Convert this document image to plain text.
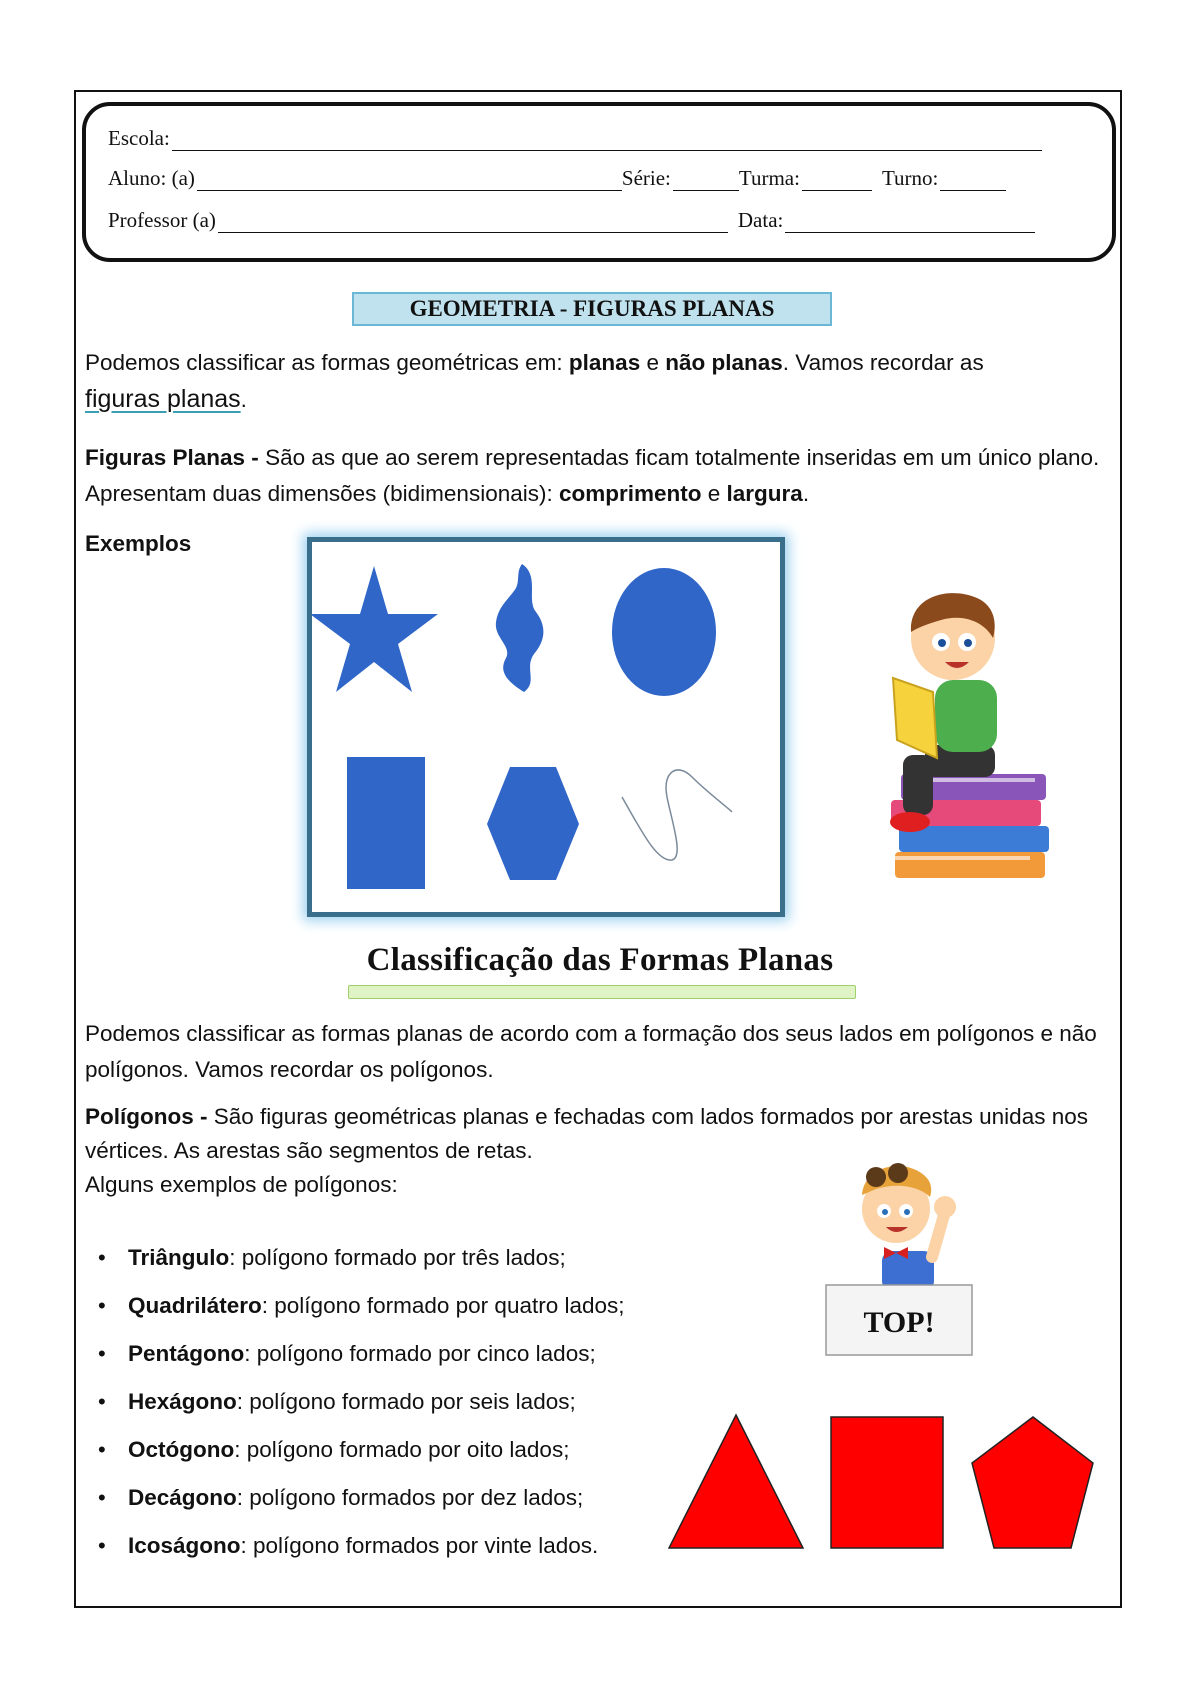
Escola:
Aluno: (a)	Série:	Turma:	Turno:
Professor (a)	Data:
GEOMETRIA - FIGURAS PLANAS

Podemos classificar as formas geométricas em: planas e não planas. Vamos recordar as
figuras planas.

Figuras Planas - São as que ao serem representadas ficam totalmente inseridas em um único plano. Apresentam duas dimensões (bidimensionais): comprimento e largura.

Exemplos

Classificação das Formas Planas

Podemos classificar as formas planas de acordo com a formação dos seus lados em polígonos e não polígonos. Vamos recordar os polígonos.

Polígonos - São figuras geométricas planas e fechadas com lados formados por arestas unidas nos vértices. As arestas são segmentos de retas.
Alguns exemplos de polígonos:

• Triângulo: polígono formado por três lados;
• Quadrilátero: polígono formado por quatro lados;
• Pentágono: polígono formado por cinco lados;
• Hexágono: polígono formado por seis lados;
• Octógono: polígono formado por oito lados;
• Decágono: polígono formados por dez lados;
• Icoságono: polígono formados por vinte lados.
TOP!
